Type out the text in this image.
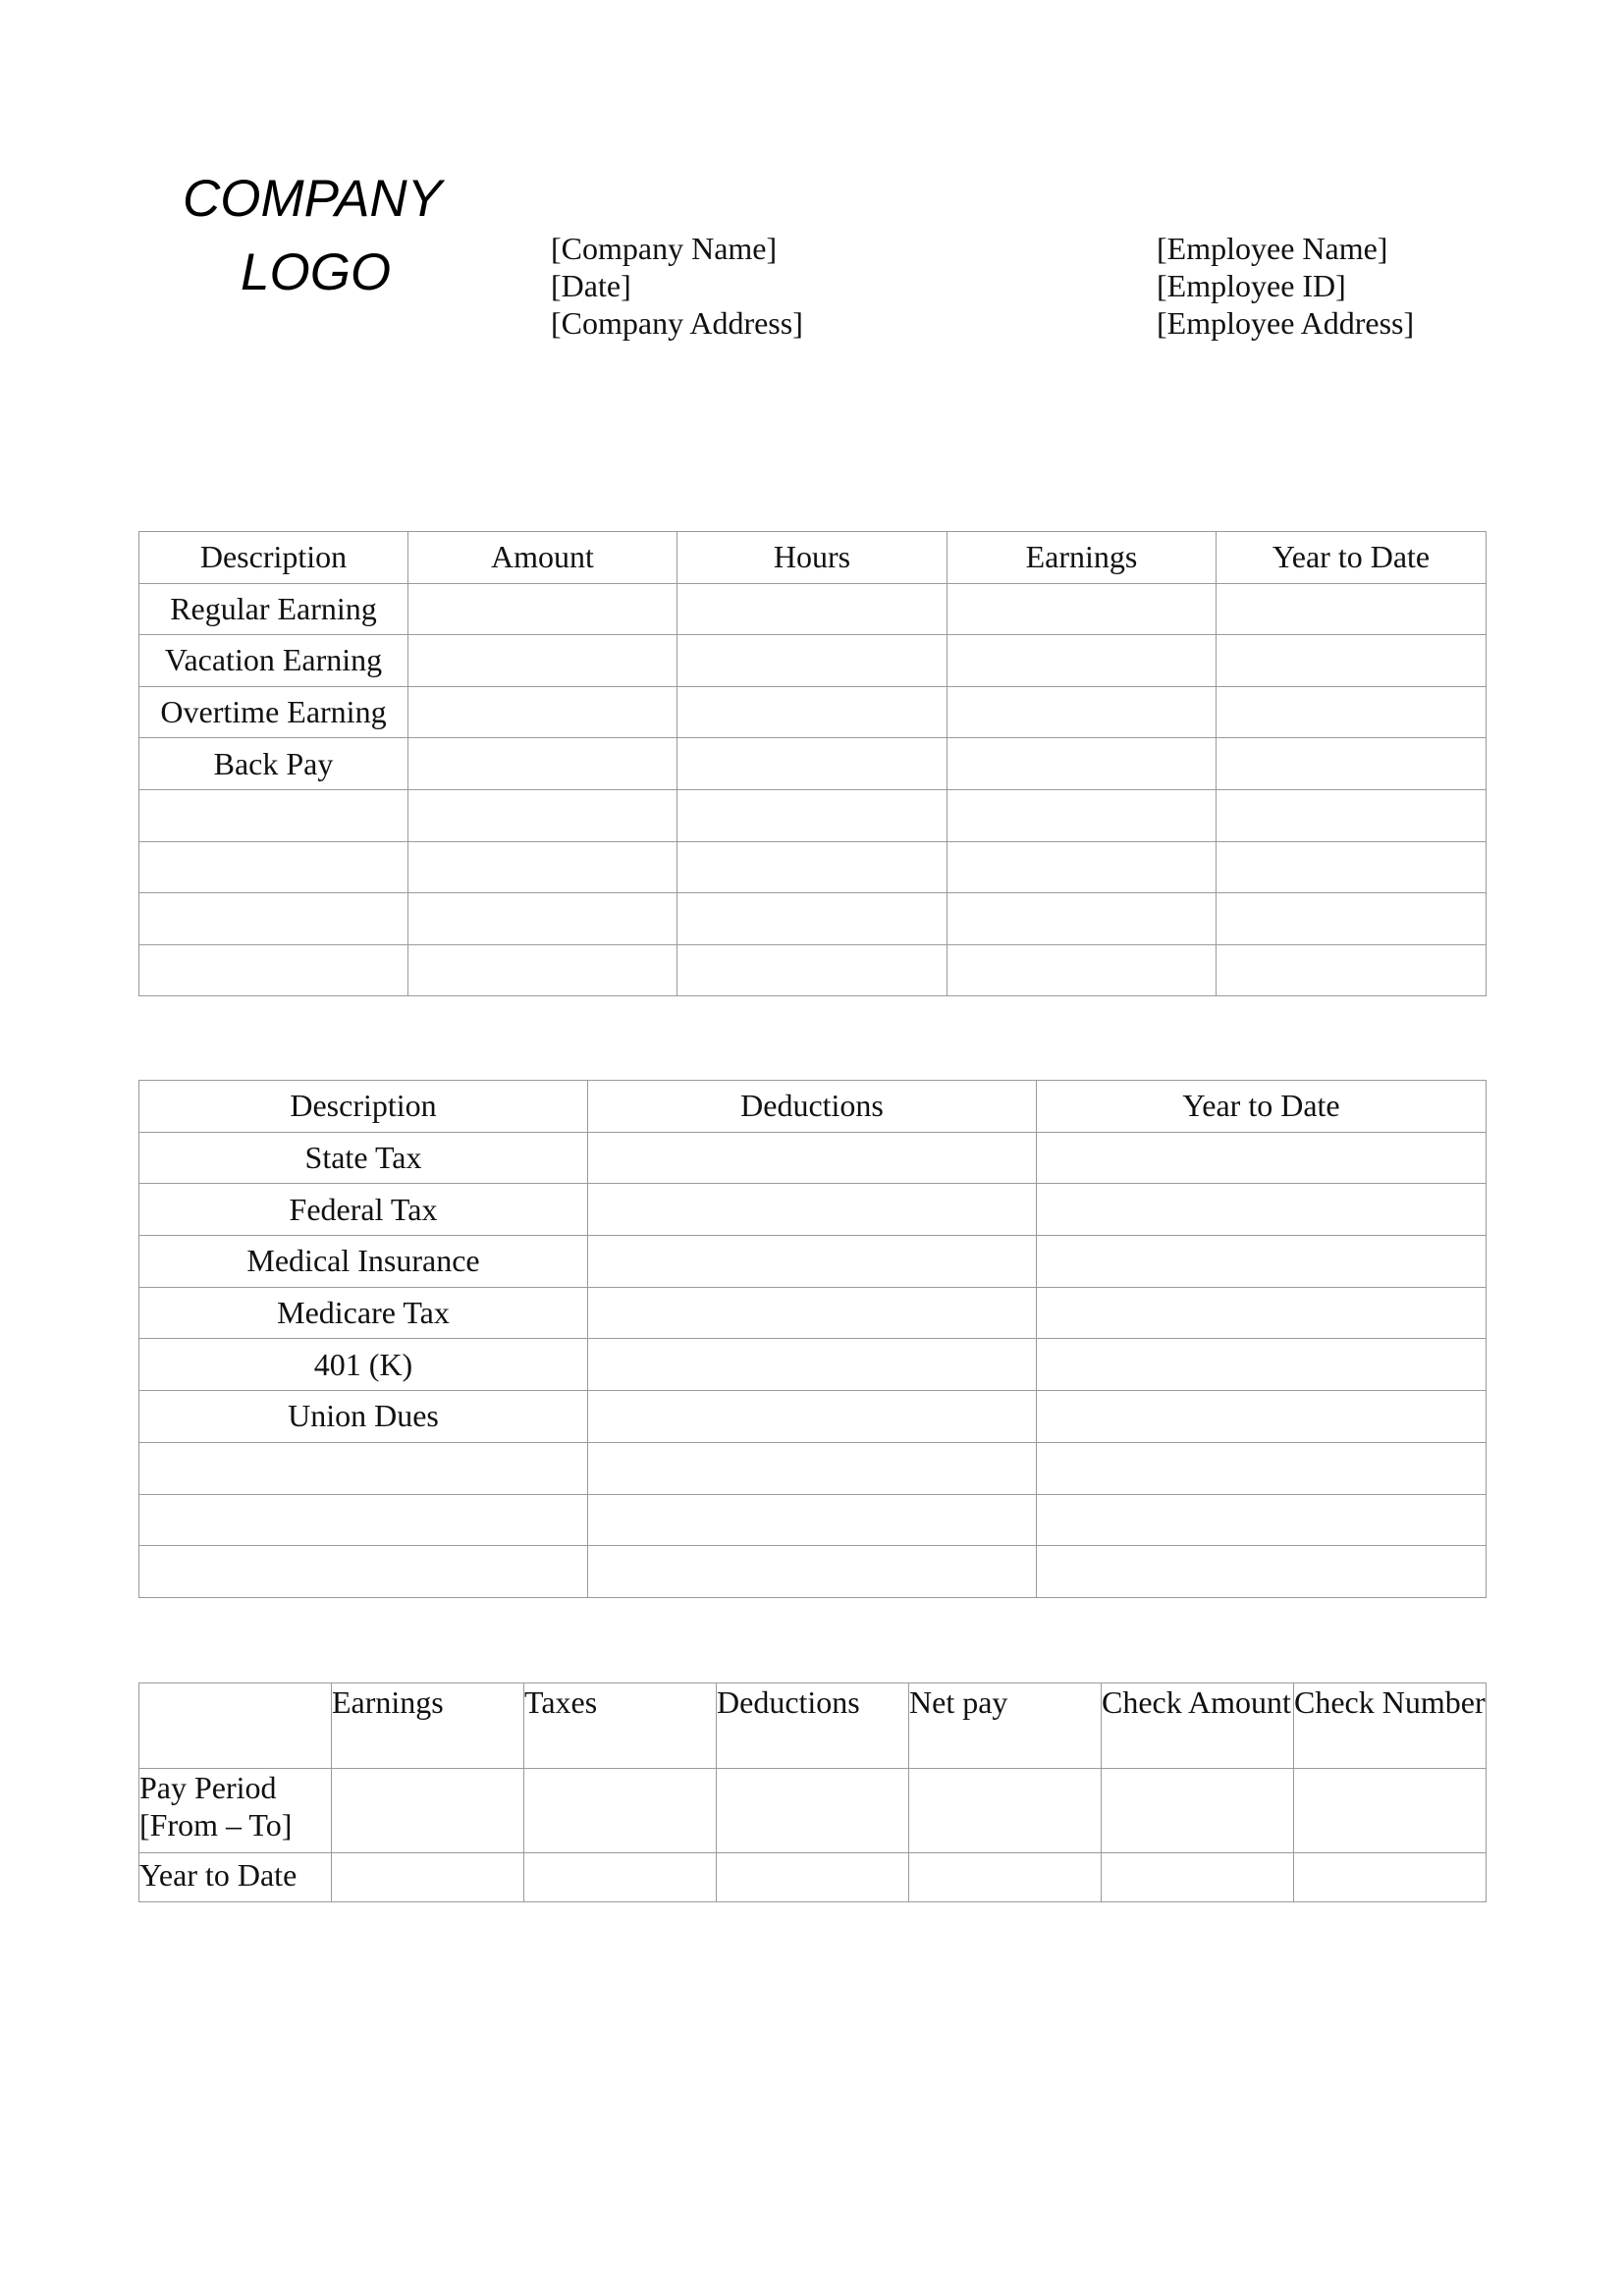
COMPANY
LOGO	[Company Name]
[Date]
[Company Address]
[Employee Name]
[Employee ID]
[Employee Address]
Description	Amount	Hours	Earnings	Year to Date
Regular Earning				
Vacation Earning				
Overtime Earning				
Back Pay				

Description	Deductions	Year to Date
State Tax		
Federal Tax		
Medical Insurance		
Medicare Tax		
401 (K)		
Union Dues		

	Earnings	Taxes	Deductions	Net pay	Check Amount	Check Number
Pay Period [From – To]						
Year to Date						
